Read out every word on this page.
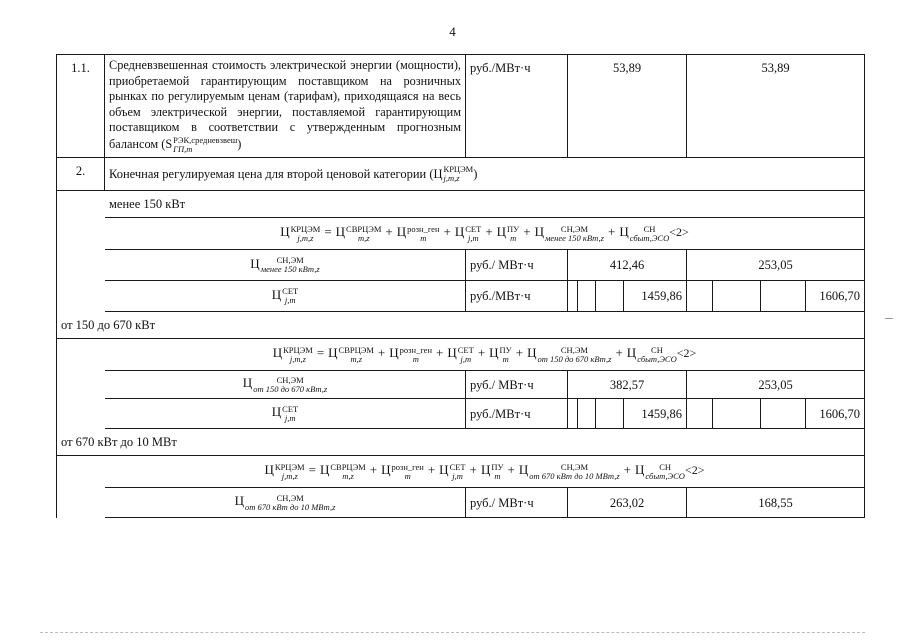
4
1.1.	Средневзвешенная стоимость электрической энергии (мощности), приобретаемой гарантирующим поставщиком на розничных рынках по регулируемым ценам (тарифам), приходящаяся на весь объем электрической энергии, поставляемой гарантирующим поставщиком в соответствии с утвержденным прогнозным балансом (S РЭК,средневзвеш
ГП,m	)
руб./МВт·ч	53,89	53,89
2.	Конечная регулируемая цена для второй ценовой категории (Ц КРЦЭМ
j,m,z	)
менее 150 кВт
Ц КРЦЭМ
j,m,z = Ц СВРЦЭМ
m,z	+ Ц розн_ген
m	+ Ц СЕТ
j,m + Ц ПУ
m + Ц	СН,ЭМ
менее 150 кВт,z + Ц	СН
сбыт,ЭСО <2>
Ц	СН,ЭМ
менее 150 кВт,z	руб./ МВт·ч	412,46	253,05
Ц СЕТ
j,m	руб./МВт·ч	1459,86	1606,70
от 150 до 670 кВт
Ц КРЦЭМ
j,m,z = Ц СВРЦЭМ
m,z	+ Ц розн_ген
m	+ Ц СЕТ
j,m + Ц ПУ
m + Ц	СН,ЭМ
от 150 до 670 кВт,z + Ц	СН
сбыт,ЭСО <2>
Ц	СН,ЭМ
от 150 до 670 кВт,z	руб./ МВт·ч	382,57	253,05
Ц СЕТ
j,m	руб./МВт·ч	1459,86	1606,70
от 670 кВт до 10 МВт
Ц КРЦЭМ
j,m,z = Ц СВРЦЭМ
m,z	+ Ц розн_ген
m	+ Ц СЕТ
j,m + Ц ПУ
m + Ц	СН,ЭМ
от 670 кВт до 10 МВт,z + Ц	СН
сбыт,ЭСО <2>
Ц	СН,ЭМ
от 670 кВт до 10 МВт,z	руб./ МВт·ч	263,02	168,55
